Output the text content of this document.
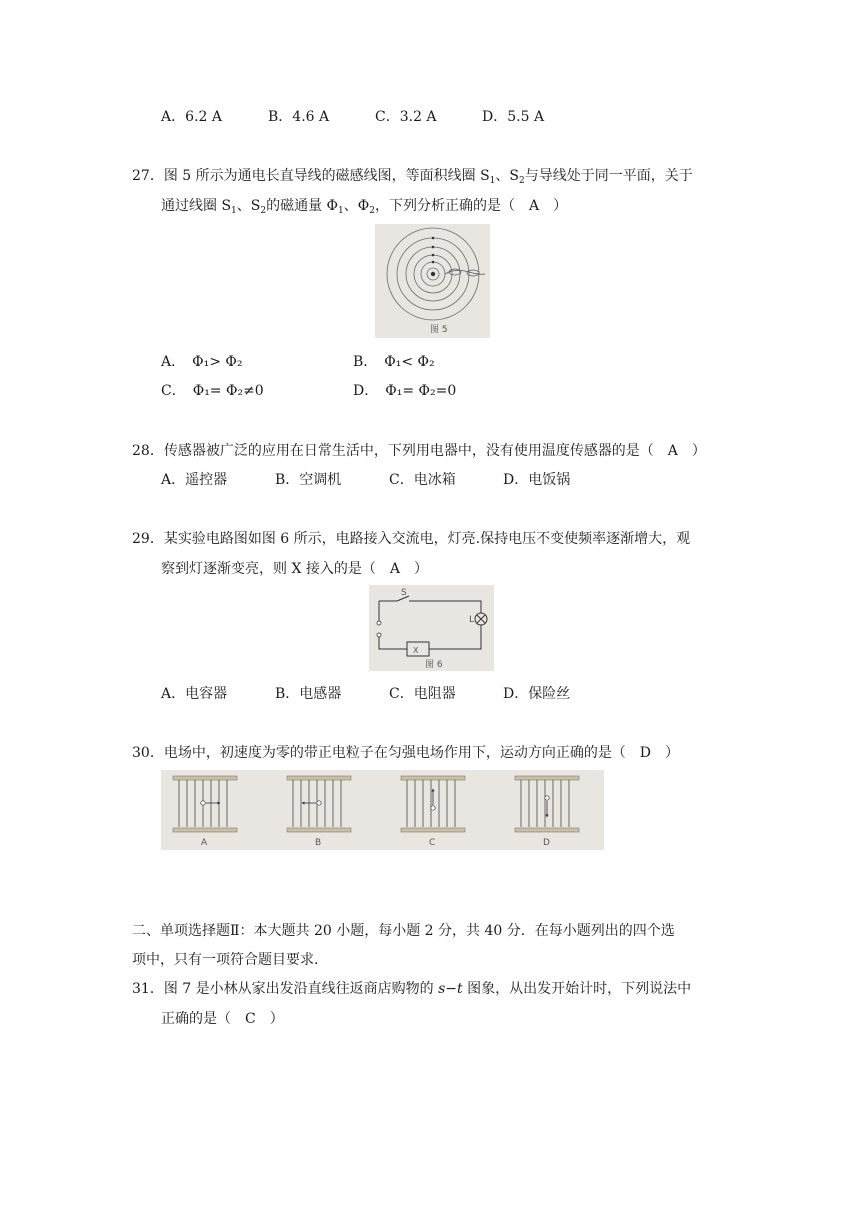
A．6.2 A	B．4.6 A	C．3.2 A	D．5.5 A
27．图 5 所示为通电长直导线的磁感线图，等面积线圈 $S_1$、$S_2$与导线处于同一平面，关于
通过线圈 $S_1$、$S_2$的磁通量 $\Phi_1$、$\Phi_2$，下列分析正确的是（　A　）
图 5
A．　Φ₁> Φ₂	B．　Φ₁< Φ₂
C．　Φ₁= Φ₂≠0	D．　Φ₁= Φ₂=0
28．传感器被广泛的应用在日常生活中，下列用电器中，没有使用温度传感器的是（　A　）
A．遥控器	B．空调机	C．电冰箱	D．电饭锅
29．某实验电路图如图 6 所示，电路接入交流电，灯亮.保持电压不变使频率逐渐增大，观
察到灯逐渐变亮，则 X 接入的是（　A　）
S
L
X
图 6
A．电容器	B．电感器	C．电阻器	D．保险丝
30．电场中，初速度为零的带正电粒子在匀强电场作用下，运动方向正确的是（　D　）
A	B	C	D
二、单项选择题Ⅱ：本大题共 20 小题，每小题 2 分，共 40 分．在每小题列出的四个选
项中，只有一项符合题目要求.
31．图 7 是小林从家出发沿直线往返商店购物的 s−t 图象，从出发开始计时，下列说法中
正确的是（　C　）
